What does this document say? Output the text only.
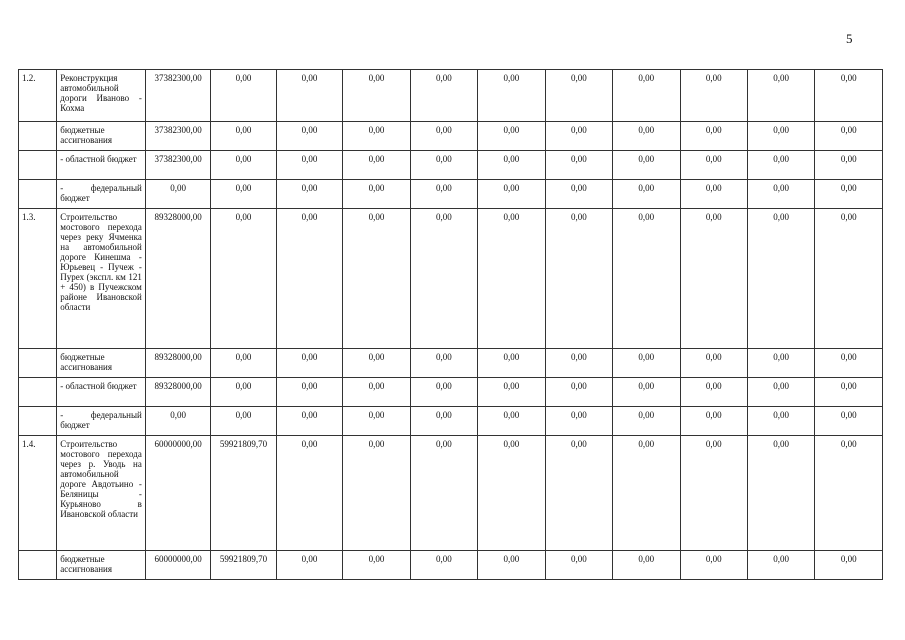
5
1.2.	Реконструкция автомобильной дороги Иваново - Кохма	37382300,00	0,00	0,00	0,00	0,00	0,00	0,00	0,00	0,00	0,00	0,00
	бюджетные ассигнования	37382300,00	0,00	0,00	0,00	0,00	0,00	0,00	0,00	0,00	0,00	0,00
	- областной бюджет	37382300,00	0,00	0,00	0,00	0,00	0,00	0,00	0,00	0,00	0,00	0,00
	- федеральный бюджет	0,00	0,00	0,00	0,00	0,00	0,00	0,00	0,00	0,00	0,00	0,00
1.3.	Строительство мостового перехода через реку Ячменка на автомобильной дороге Кинешма - Юрьевец - Пучеж - Пурех (экспл. км 121 + 450) в Пучежском районе Ивановской области	89328000,00	0,00	0,00	0,00	0,00	0,00	0,00	0,00	0,00	0,00	0,00
	бюджетные ассигнования	89328000,00	0,00	0,00	0,00	0,00	0,00	0,00	0,00	0,00	0,00	0,00
	- областной бюджет	89328000,00	0,00	0,00	0,00	0,00	0,00	0,00	0,00	0,00	0,00	0,00
	- федеральный бюджет	0,00	0,00	0,00	0,00	0,00	0,00	0,00	0,00	0,00	0,00	0,00
1.4.	Строительство мостового перехода через р. Уводь на автомобильной дороге Авдотьино - Беляницы - Курьяново в Ивановской области	60000000,00	59921809,70	0,00	0,00	0,00	0,00	0,00	0,00	0,00	0,00	0,00
	бюджетные ассигнования	60000000,00	59921809,70	0,00	0,00	0,00	0,00	0,00	0,00	0,00	0,00	0,00
